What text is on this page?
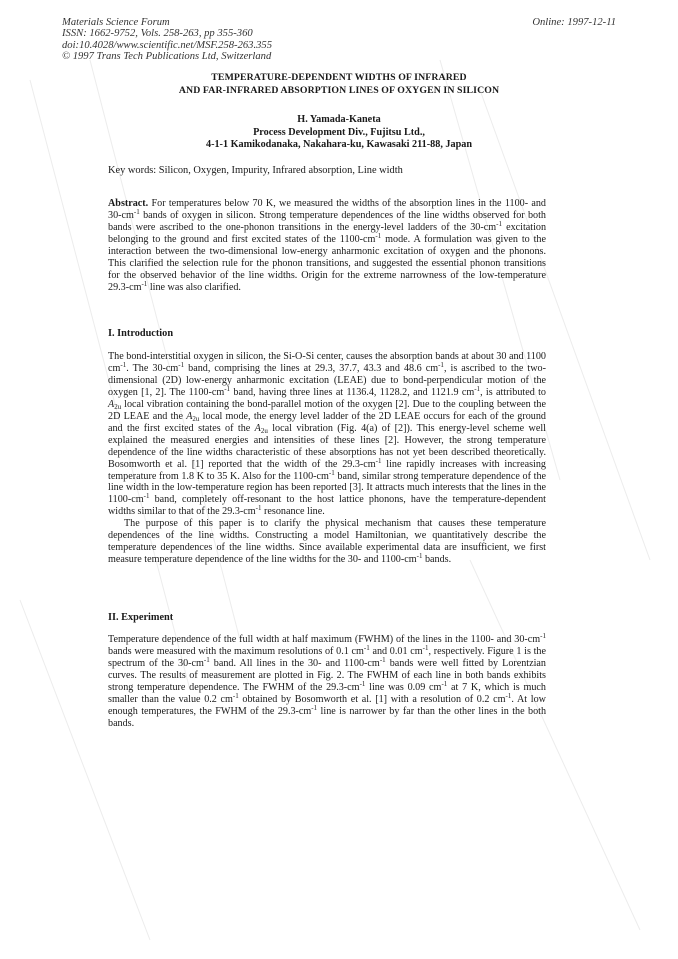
Materials Science Forum
ISSN: 1662-9752, Vols. 258-263, pp 355-360
doi:10.4028/www.scientific.net/MSF.258-263.355
© 1997 Trans Tech Publications Ltd, Switzerland
Online: 1997-12-11
TEMPERATURE-DEPENDENT WIDTHS OF INFRARED
AND FAR-INFRARED ABSORPTION LINES OF OXYGEN IN SILICON
H. Yamada-Kaneta
Process Development Div., Fujitsu Ltd.,
4-1-1 Kamikodanaka, Nakahara-ku, Kawasaki 211-88, Japan
Key words: Silicon, Oxygen, Impurity, Infrared absorption, Line width

Abstract. For temperatures below 70 K, we measured the widths of the absorption lines in the 1100- and $30-cm^{-1}$ bands of oxygen in silicon. Strong temperature dependences of the line widths observed for both bands were ascribed to the one-phonon transitions in the energy-level ladders of the $30-cm^{-1}$ excitation belonging to the ground and first excited states of the $1100-cm^{-1}$ mode. A formulation was given to the interaction between the two-dimensional low-energy anharmonic excitation of oxygen and the phonons. This clarified the selection rule for the phonon transitions, and suggested the essential phonon transitions for the observed behavior of the line widths. Origin for the extreme narrowness of the low-temperature $29.3-cm^{-1}$ line was also clarified.

I. Introduction

The bond-interstitial oxygen in silicon, the Si-O-Si center, causes the absorption bands at about 30 and 1100 $cm^{-1}$. The $30-cm^{-1}$ band, comprising the lines at 29.3, 37.7, 43.3 and 48.6 $cm^{-1}$, is ascribed to the two-dimensional (2D) low-energy anharmonic excitation (LEAE) due to bond-perpendicular motion of the oxygen [1, 2]. The $1100-cm^{-1}$ band, having three lines at 1136.4, 1128.2, and 1121.9 $cm^{-1}$, is attributed to $A_{2u}$ local vibration containing the bond-parallel motion of the oxygen [2]. Due to the coupling between the 2D LEAE and the $A_{2u}$ local mode, the energy level ladder of the 2D LEAE occurs for each of the ground and the first excited states of the $A_{2u}$ local vibration (Fig. 4(a) of [2]). This energy-level scheme well explained the measured energies and intensities of these lines [2]. However, the strong temperature dependence of the line widths characteristic of these absorptions has not yet been described theoretically. Bosomworth et al. [1] reported that the width of the $29.3-cm^{-1}$ line rapidly increases with increasing temperature from 1.8 K to 35 K. Also for the $1100-cm^{-1}$ band, similar strong temperature dependence of the line width in the low-temperature region has been reported [3]. It attracts much interests that the lines in the $1100-cm^{-1}$ band, completely off-resonant to the host lattice phonons, have the temperature-dependent widths similar to that of the $29.3-cm^{-1}$ resonance line.

The purpose of this paper is to clarify the physical mechanism that causes these temperature dependences of the line widths. Constructing a model Hamiltonian, we quantitatively describe the temperature dependences of the line widths. Since available experimental data are insufficient, we first measure temperature dependence of the line widths for the 30- and $1100-cm^{-1}$ bands.

II. Experiment

Temperature dependence of the full width at half maximum (FWHM) of the lines in the 1100- and $30-cm^{-1}$ bands were measured with the maximum resolutions of 0.1 $cm^{-1}$ and 0.01 $cm^{-1}$, respectively. Figure 1 is the spectrum of the $30-cm^{-1}$ band. All lines in the 30- and $1100-cm^{-1}$ bands were well fitted by Lorentzian curves. The results of measurement are plotted in Fig. 2. The FWHM of each line in both bands exhibits strong temperature dependence. The FWHM of the $29.3-cm^{-1}$ line was 0.09 $cm^{-1}$ at 7 K, which is much smaller than the value 0.2 $cm^{-1}$ obtained by Bosomworth et al. [1] with a resolution of 0.2 $cm^{-1}$. At low enough temperatures, the FWHM of the $29.3-cm^{-1}$ line is narrower by far than the other lines in the both bands.
